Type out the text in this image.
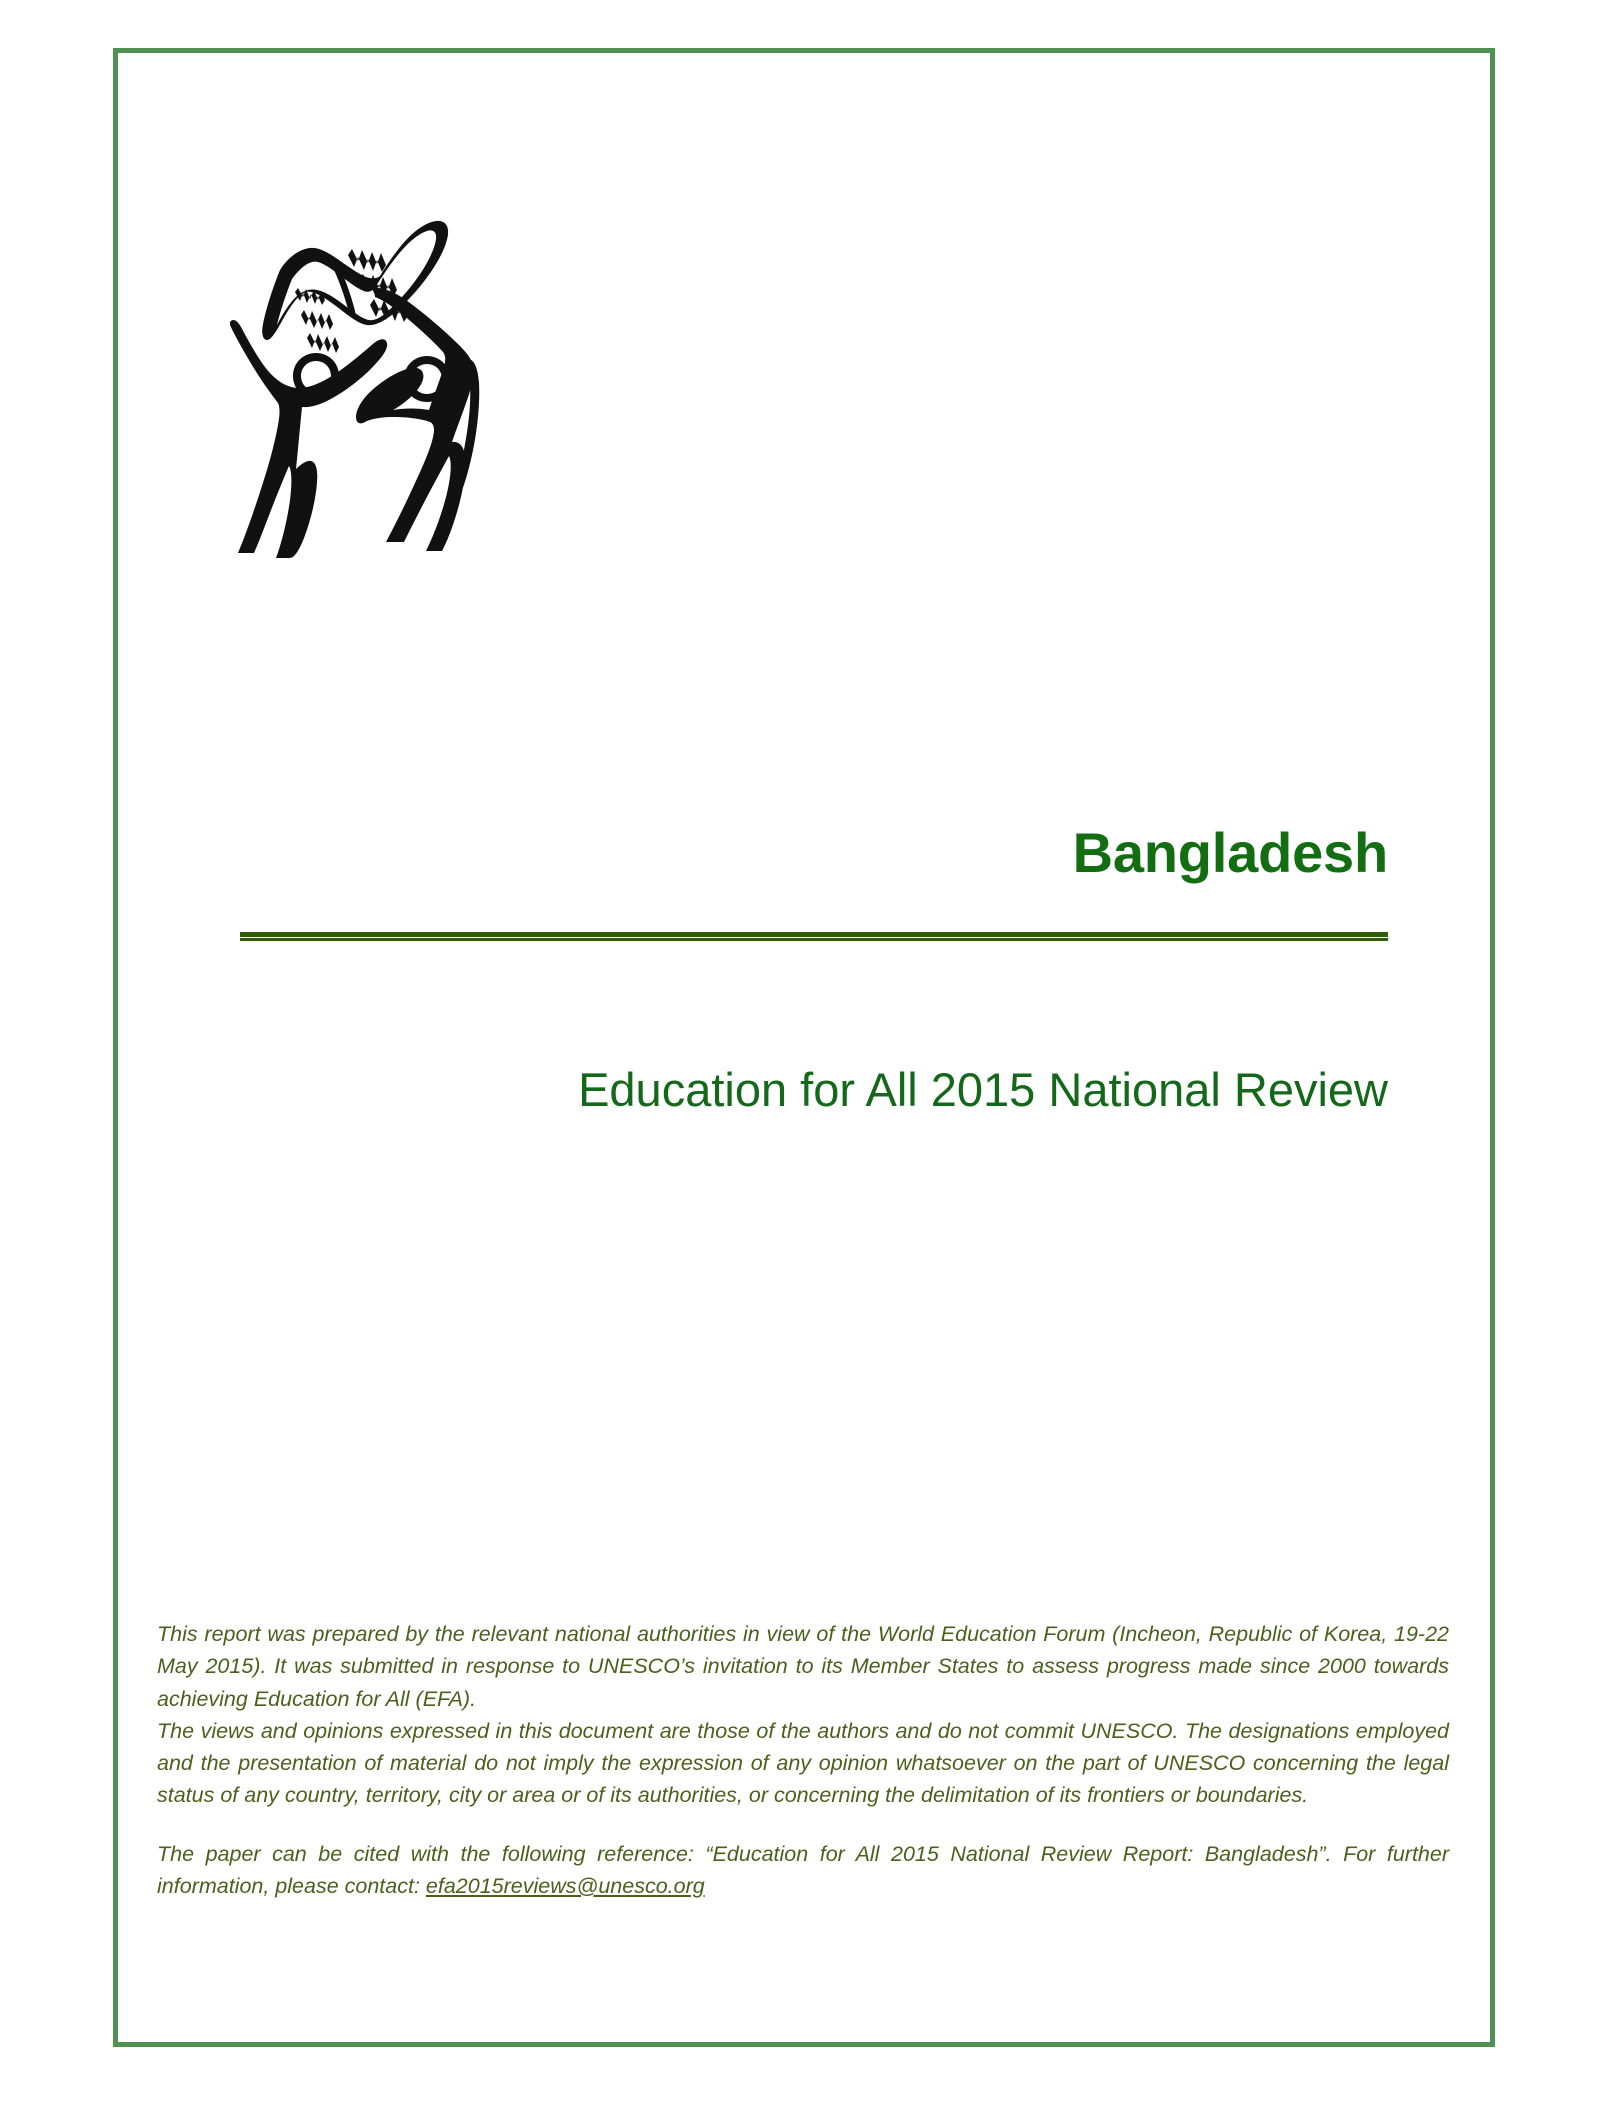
Bangladesh
Education for All 2015 National Review

This report was prepared by the relevant national authorities in view of the World Education Forum (Incheon, Republic of Korea, 19-22 May 2015). It was submitted in response to UNESCO’s invitation to its Member States to assess progress made since 2000 towards achieving Education for All (EFA).

The views and opinions expressed in this document are those of the authors and do not commit UNESCO. The designations employed and the presentation of material do not imply the expression of any opinion whatsoever on the part of UNESCO concerning the legal status of any country, territory, city or area or of its authorities, or concerning the delimitation of its frontiers or boundaries.

The paper can be cited with the following reference: “Education for All 2015 National Review Report: Bangladesh”. For further information, please contact: efa2015reviews@unesco.org
